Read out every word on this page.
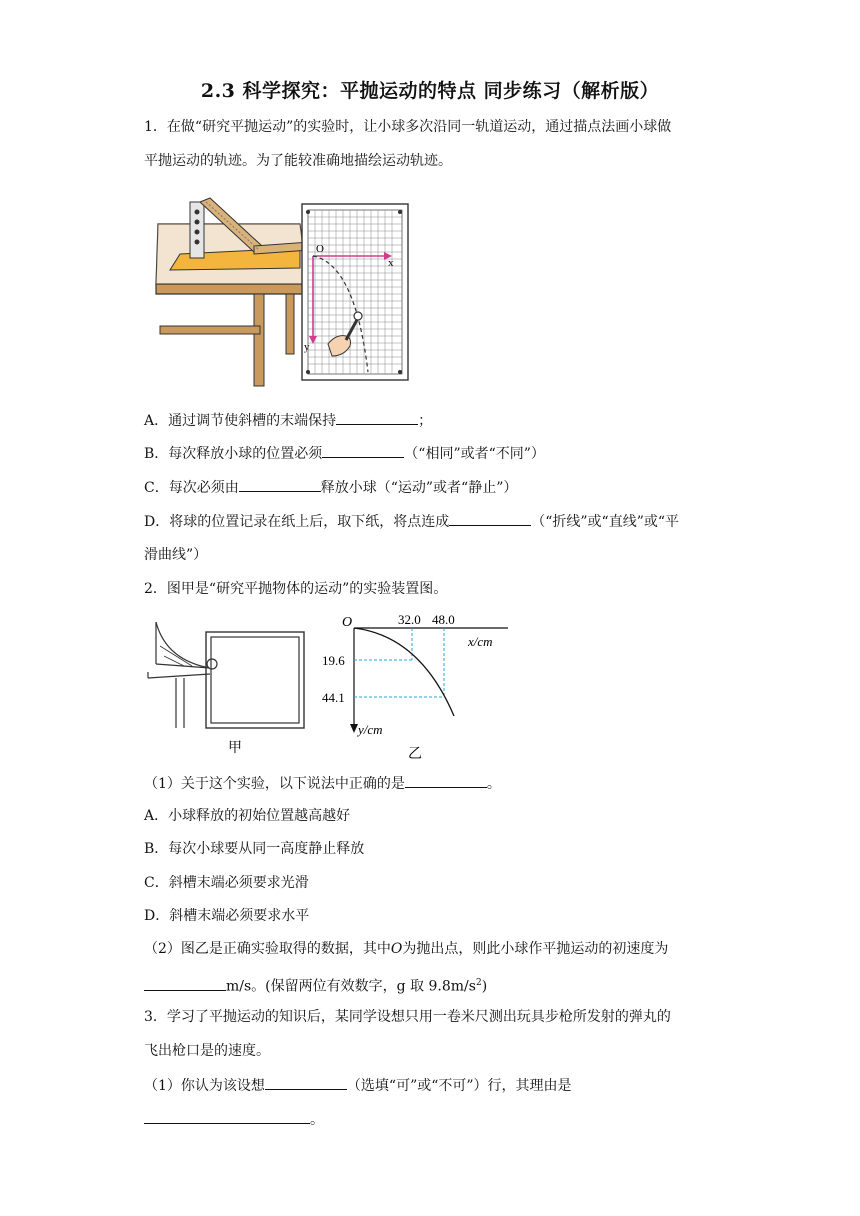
2.3 科学探究：平抛运动的特点 同步练习（解析版）
1．在做“研究平抛运动”的实验时，让小球多次沿同一轨道运动，通过描点法画小球做
平抛运动的轨迹。为了能较准确地描绘运动轨迹。
O
x
y
A．通过调节使斜槽的末端保持	；
B．每次释放小球的位置必须	（“相同”或者“不同”）
C．每次必须由	释放小球（“运动”或者“静止”）
D．将球的位置记录在纸上后，取下纸，将点连成	（“折线”或“直线”或“平
滑曲线”）
2．图甲是“研究平抛物体的运动”的实验装置图。
甲
O	32.0 48.0
x/cm
y/cm
19.6
44.1
乙
（1）关于这个实验，以下说法中正确的是	。
A．小球释放的初始位置越高越好
B．每次小球要从同一高度静止释放
C．斜槽末端必须要求光滑
D．斜槽末端必须要求水平
（2）图乙是正确实验取得的数据，其中O为抛出点，则此小球作平抛运动的初速度为
m/s。(保留两位有效数字，g 取 $9.8m/s^2$)
3．学习了平抛运动的知识后，某同学设想只用一卷米尺测出玩具步枪所发射的弹丸的
飞出枪口是的速度。
（1）你认为该设想	（选填“可”或“不可”）行，其理由是
。
